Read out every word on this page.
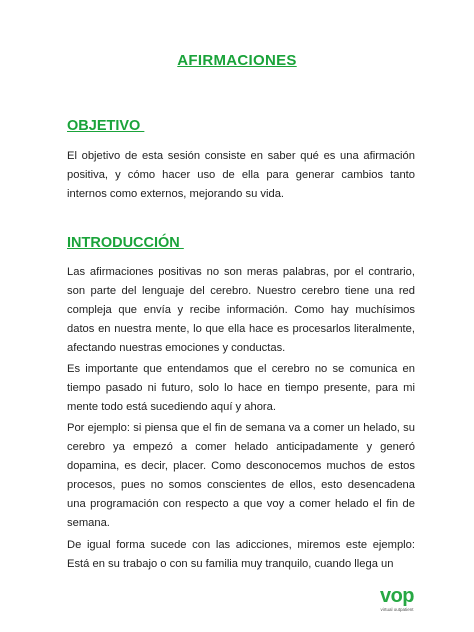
AFIRMACIONES
OBJETIVO
El objetivo de esta sesión consiste en saber qué es una afirmación positiva, y cómo hacer uso de ella para generar cambios tanto internos como externos, mejorando su vida.
INTRODUCCIÓN
Las afirmaciones positivas no son meras palabras, por el contrario, son parte del lenguaje del cerebro. Nuestro cerebro tiene una red compleja que envía y recibe información. Como hay muchísimos datos en nuestra mente, lo que ella hace es procesarlos literalmente, afectando nuestras emociones y conductas.
Es importante que entendamos que el cerebro no se comunica en tiempo pasado ni futuro, solo lo hace en tiempo presente, para mi mente todo está sucediendo aquí y ahora.
Por ejemplo: si piensa que el fin de semana va a comer un helado, su cerebro ya empezó a comer helado anticipadamente y generó dopamina, es decir, placer. Como desconocemos muchos de estos procesos, pues no somos conscientes de ellos, esto desencadena una programación con respecto a que voy a comer helado el fin de semana.
De igual forma sucede con las adicciones, miremos este ejemplo: Está en su trabajo o con su familia muy tranquilo, cuando llega un
vop
virtual outpatient
